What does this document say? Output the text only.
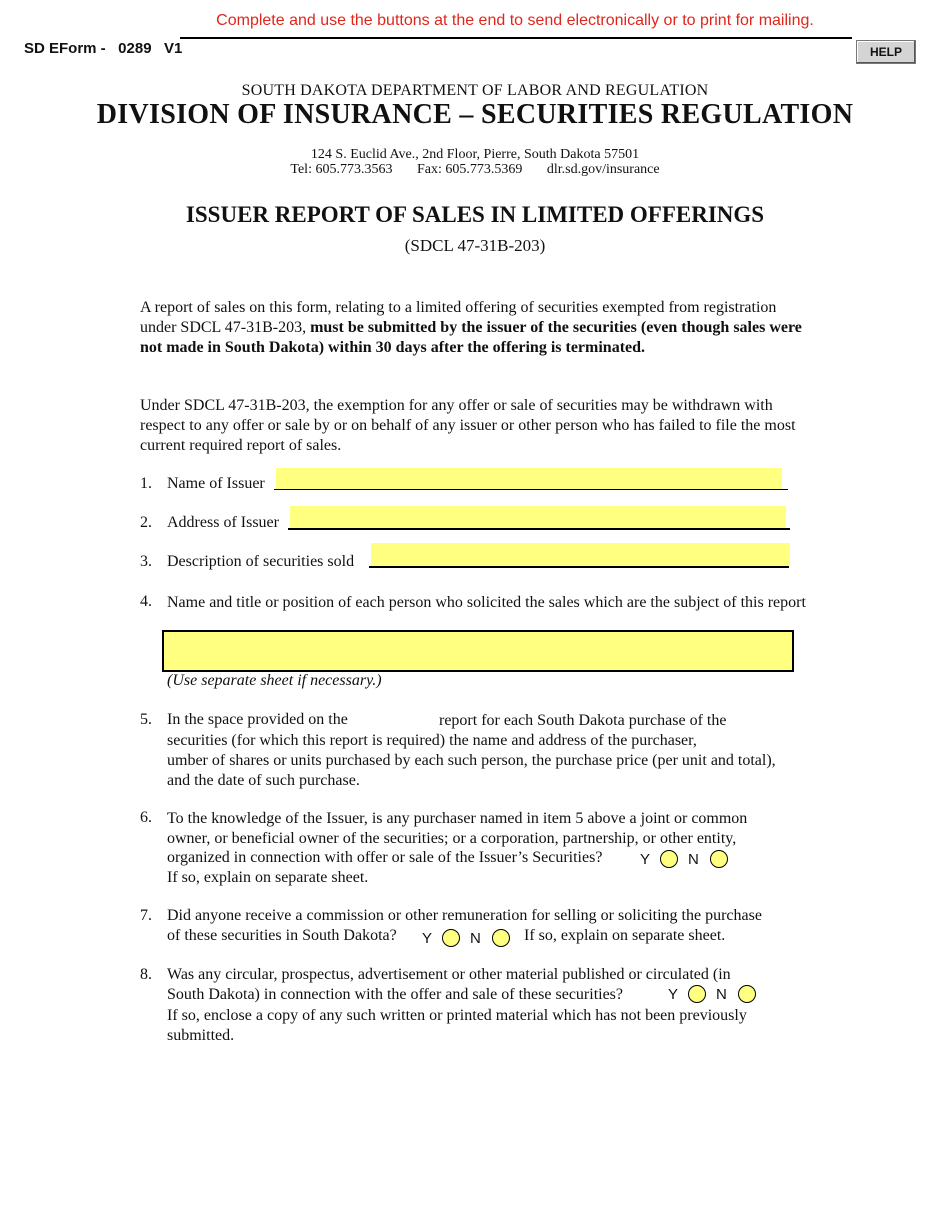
Complete and use the buttons at the end to send electronically or to print for mailing.
SD EForm -   0289   V1	HELP
SOUTH DAKOTA DEPARTMENT OF LABOR AND REGULATION
DIVISION OF INSURANCE – SECURITIES REGULATION
124 S. Euclid Ave., 2nd Floor, Pierre, South Dakota 57501
Tel: 605.773.3563       Fax: 605.773.5369       dlr.sd.gov/insurance
ISSUER REPORT OF SALES IN LIMITED OFFERINGS
(SDCL 47-31B-203)
A report of sales on this form, relating to a limited offering of securities exempted from registration under SDCL 47-31B-203, must be submitted by the issuer of the securities (even though sales were not made in South Dakota) within 30 days after the offering is terminated.
Under SDCL 47-31B-203, the exemption for any offer or sale of securities may be withdrawn with respect to any offer or sale by or on behalf of any issuer or other person who has failed to file the most current required report of sales.
1. Name of Issuer
2. Address of Issuer
3. Description of securities sold
4. Name and title or position of each person who solicited the sales which are the subject of this report
(Use separate sheet if necessary.)
5. In the space provided on the	report for each South Dakota purchase of the securities (for which this report is required) the name and address of the purchaser,
umber of shares or units purchased by each such person, the purchase price (per unit and total), and the date of such purchase.
6. To the knowledge of the Issuer, is any purchaser named in item 5 above a joint or common owner, or beneficial owner of the securities; or a corporation, partnership, or other entity,
organized in connection with offer or sale of the Issuer’s Securities?	Y	N
If so, explain on separate sheet.
7. Did anyone receive a commission or other remuneration for selling or soliciting the purchase
of these securities in South Dakota? Y	N	If so, explain on separate sheet.
8. Was any circular, prospectus, advertisement or other material published or circulated (in
South Dakota) in connection with the offer and sale of these securities?	Y	N
If so, enclose a copy of any such written or printed material which has not been previously submitted.
